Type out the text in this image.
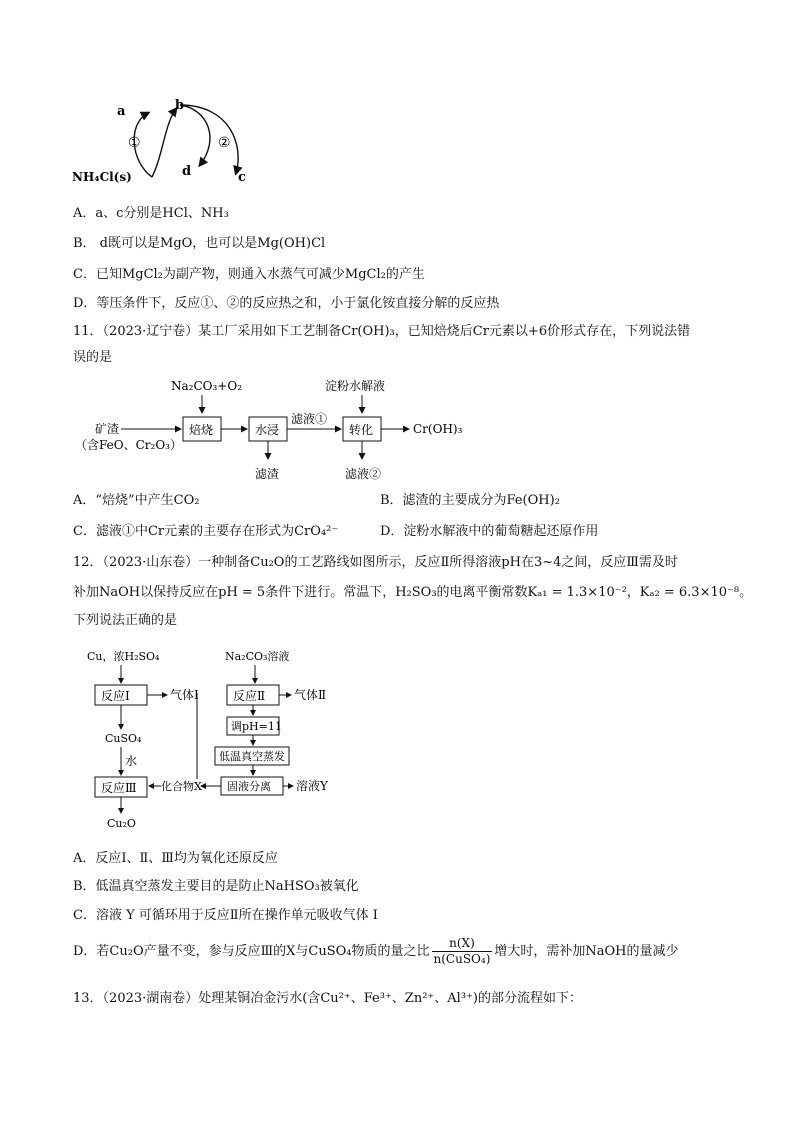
a	b
d	c
①	②
NH₄Cl(s)
A．a、c分别是HCl、NH₃
B． d既可以是MgO，也可以是Mg(OH)Cl
C．已知MgCl₂为副产物，则通入水蒸气可减少MgCl₂的产生
D．等压条件下，反应①、②的反应热之和，小于氯化铵直接分解的反应热
11．（2023·辽宁卷）某工厂采用如下工艺制备Cr(OH)₃，已知焙烧后Cr元素以+6价形式存在，下列说法错
误的是
Na₂CO₃+O₂	淀粉水解液
矿渣
（含FeO、Cr₂O₃）
焙烧	水浸
滤渣
滤液①
转化
滤液②
Cr(OH)₃
A．“焙烧”中产生CO₂	B．滤渣的主要成分为Fe(OH)₂
C．滤液①中Cr元素的主要存在形式为CrO₄²⁻	D．淀粉水解液中的葡萄糖起还原作用
12．（2023·山东卷）一种制备Cu₂O的工艺路线如图所示，反应Ⅱ所得溶液pH在3~4之间，反应Ⅲ需及时
补加NaOH以保持反应在pH = 5条件下进行。常温下，H₂SO₃的电离平衡常数Kₐ₁ = 1.3×10⁻²，Kₐ₂ = 6.3×10⁻⁸。
下列说法正确的是
Cu，浓H₂SO₄	Na₂CO₃溶液
反应Ⅰ	气体Ⅰ	反应Ⅱ 气体Ⅱ
调pH=11
低温真空蒸发
固液分离 溶液Y
化合物X
CuSO₄
水
反应Ⅲ
Cu₂O
A．反应Ⅰ、Ⅱ、Ⅲ均为氧化还原反应
B．低温真空蒸发主要目的是防止NaHSO₃被氧化
C．溶液 Y 可循环用于反应Ⅱ所在操作单元吸收气体 Ⅰ
D．若Cu₂O产量不变，参与反应Ⅲ的X与CuSO₄物质的量之比 $\frac{n(X)}{\text{n(CuSO₄)}}$ 增大时，需补加NaOH的量减少
13．（2023·湖南卷）处理某铜冶金污水(含Cu²⁺、Fe³⁺、Zn²⁺、Al³⁺)的部分流程如下：
